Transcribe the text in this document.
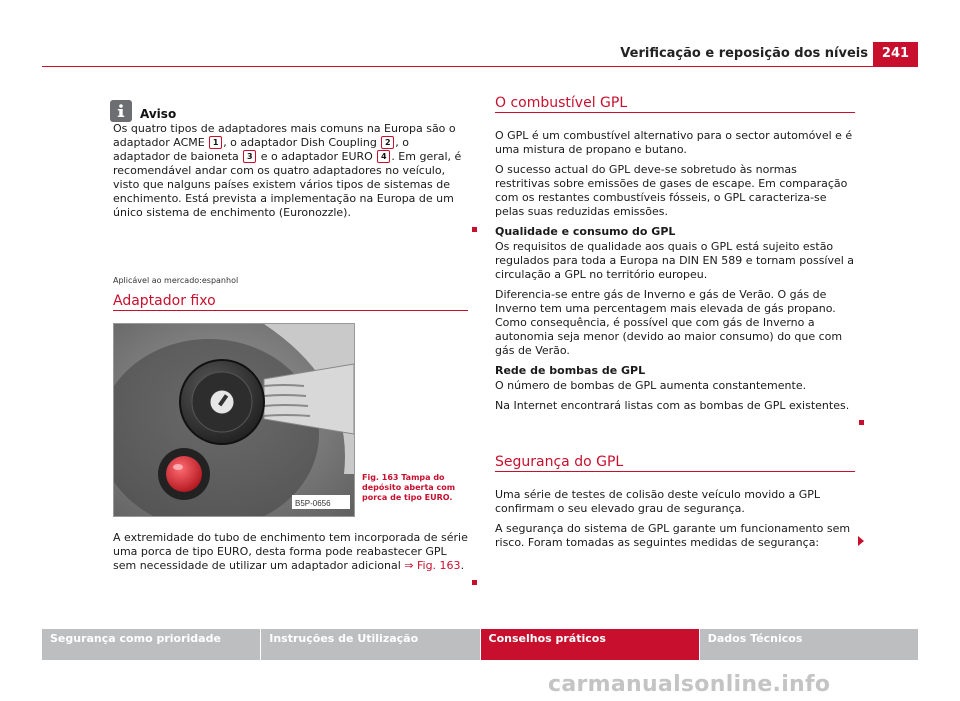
Verificação e reposição dos níveis	241
Aviso

Os quatro tipos de adaptadores mais comuns na Europa são o adaptador ACME 1 , o adaptador Dish Coupling 2 , o adaptador de baioneta 3 e o adaptador EURO 4 . Em geral, é recomendável andar com os quatro adaptadores no veículo, visto que nalguns países existem vários tipos de sistemas de enchimento. Está prevista a implementação na Europa de um único sistema de enchimento (Euronozzle).

Aplicável ao mercado:espanhol
Adaptador fixo
B5P-0656
Fig. 163 Tampa do depósito aberta com porca de tipo EURO.

A extremidade do tubo de enchimento tem incorporada de série uma porca de tipo EURO, desta forma pode reabastecer GPL sem necessidade de utilizar um adaptador adicional ⇒ Fig. 163.

O combustível GPL

O GPL é um combustível alternativo para o sector automóvel e é uma mistura de propano e butano.

O sucesso actual do GPL deve-se sobretudo às normas restritivas sobre emissões de gases de escape. Em comparação com os restantes combustíveis fósseis, o GPL caracteriza-se pelas suas reduzidas emissões.

Qualidade e consumo do GPL

Os requisitos de qualidade aos quais o GPL está sujeito estão regulados para toda a Europa na DIN EN 589 e tornam possível a circulação a GPL no território europeu.

Diferencia-se entre gás de Inverno e gás de Verão. O gás de Inverno tem uma percentagem mais elevada de gás propano. Como consequência, é possível que com gás de Inverno a autonomia seja menor (devido ao maior consumo) do que com gás de Verão.

Rede de bombas de GPL

O número de bombas de GPL aumenta constantemente.

Na Internet encontrará listas com as bombas de GPL existentes.

Segurança do GPL

Uma série de testes de colisão deste veículo movido a GPL confirmam o seu elevado grau de segurança.

A segurança do sistema de GPL garante um funcionamento sem risco. Foram tomadas as seguintes medidas de segurança:

Segurança como prioridade	Instruções de Utilização	Conselhos práticos	Dados Técnicos
carmanualsonline.info
